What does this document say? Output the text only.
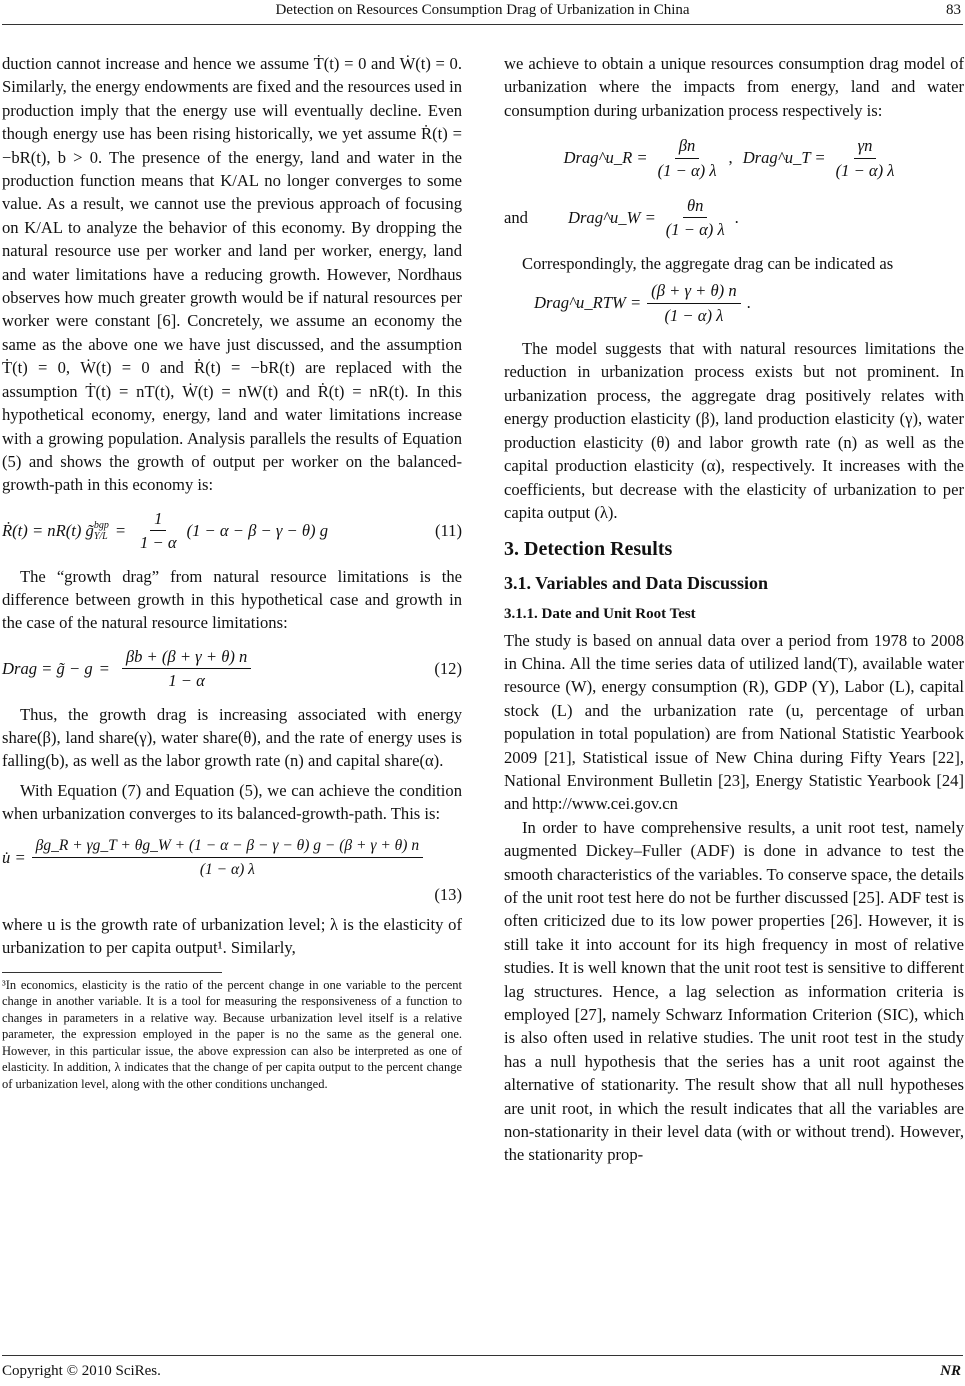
Detection on Resources Consumption Drag of Urbanization in China	83

duction cannot increase and hence we assume Ṫ(t) = 0 and Ẇ(t) = 0. Similarly, the energy endowments are fixed and the resources used in production imply that the energy use will eventually decline. Even though energy use has been rising historically, we yet assume Ṙ(t) = −bR(t), b > 0. The presence of the energy, land and water in the production function means that K/AL no longer converges to some value. As a result, we cannot use the previous approach of focusing on K/AL to analyze the behavior of this economy. By dropping the natural resource use per worker and land per worker, energy, land and water limitations have a reducing growth. However, Nordhaus observes how much greater growth would be if natural resources per worker were constant [6]. Concretely, we assume an economy the same as the above one we have just discussed, and the assumption Ṫ(t) = 0, Ẇ(t) = 0 and Ṙ(t) = −bR(t) are replaced with the assumption Ṫ(t) = nT(t), Ẇ(t) = nW(t) and Ṙ(t) = nR(t). In this hypothetical economy, energy, land and water limitations increase with a growing population. Analysis parallels the results of Equation (5) and shows the growth of output per worker on the balanced-growth-path in this economy is:

Ṙ(t) = nR(t) g̃ bgp
$Y/L = \frac{1}{1 - \alpha} (1 - \alpha - \beta - \gamma - \theta)$ g	(11)

The “growth drag” from natural resource limitations is the difference between growth in this hypothetical case and growth in the case of the natural resource limitations:

Drag = g̃ − $g = \frac{\beta b + (\beta + \gamma + \theta) n}{1 - \alpha}$	(12)

Thus, the growth drag is increasing associated with energy share(β), land share(γ), water share(θ), and the rate of energy uses is falling(b), as well as the labor growth rate (n) and capital share(α).

With Equation (7) and Equation (5), we can achieve the condition when urbanization converges to its balanced-growth-path. This is:

u̇ = $\frac{\beta g\_R + \gamma g\_T + \theta g\_W + (1 - \alpha - \beta - \gamma - \theta) g - (\beta + \gamma + \theta) n}{(1 - \alpha) \lambda}$
(13)

where u is the growth rate of urbanization level; λ is the elasticity of urbanization to per capita output¹. Similarly,

³In economics, elasticity is the ratio of the percent change in one variable to the percent change in another variable. It is a tool for measuring the responsiveness of a function to changes in parameters in a relative way. Because urbanization level itself is a relative parameter, the expression employed in the paper is no the same as the general one. However, in this particular issue, the above expression can also be interpreted as one of elasticity. In addition, λ indicates that the change of per capita output to the percent change of urbanization level, along with the other conditions unchanged.

we achieve to obtain a unique resources consumption drag model of urbanization where the impacts from energy, land and water consumption during urbanization process respectively is:

Drag^u_R = $\frac{\beta n}{(1 - \alpha) \lambda}$ , Drag^u_T = $\frac{\gamma n}{(1 - \alpha) \lambda}$
and Drag^u_W = $\frac{\theta n}{(1 - \alpha) \lambda}$ .

Correspondingly, the aggregate drag can be indicated as

Drag^u_RTW = $\frac{(\beta + \gamma + \theta) n}{(1 - \alpha) \lambda}$ .

The model suggests that with natural resources limitations the reduction in urbanization process exists but not prominent. In urbanization process, the aggregate drag positively relates with energy production elasticity (β), land production elasticity (γ), water production elasticity (θ) and labor growth rate (n) as well as the capital production elasticity (α), respectively. It increases with the coefficients, but decrease with the elasticity of urbanization to per capita output (λ).

3. Detection Results
3.1. Variables and Data Discussion
3.1.1. Date and Unit Root Test

The study is based on annual data over a period from 1978 to 2008 in China. All the time series data of utilized land(T), available water resource (W), energy consumption (R), GDP (Y), Labor (L), capital stock (L) and the urbanization rate (u, percentage of urban population in total population) are from National Statistic Yearbook 2009 [21], Statistical issue of New China during Fifty Years [22], National Environment Bulletin [23], Energy Statistic Yearbook [24] and http://www.cei.gov.cn

In order to have comprehensive results, a unit root test, namely augmented Dickey–Fuller (ADF) is done in advance to test the smooth characteristics of the variables. To conserve space, the details of the unit root test here do not be further discussed [25]. ADF test is often criticized due to its low power properties [26]. However, it is still take it into account for its high frequency in most of relative studies. It is well known that the unit root test is sensitive to different lag structures. Hence, a lag selection as information criteria is employed [27], namely Schwarz Information Criterion (SIC), which is also often used in relative studies. The unit root test in the study has a null hypothesis that the series has a unit root against the alternative of stationarity. The result show that all null hypotheses are unit root, in which the result indicates that all the variables are non-stationarity in their level data (with or without trend). However, the stationarity prop-

Copyright © 2010 SciRes.	NR
